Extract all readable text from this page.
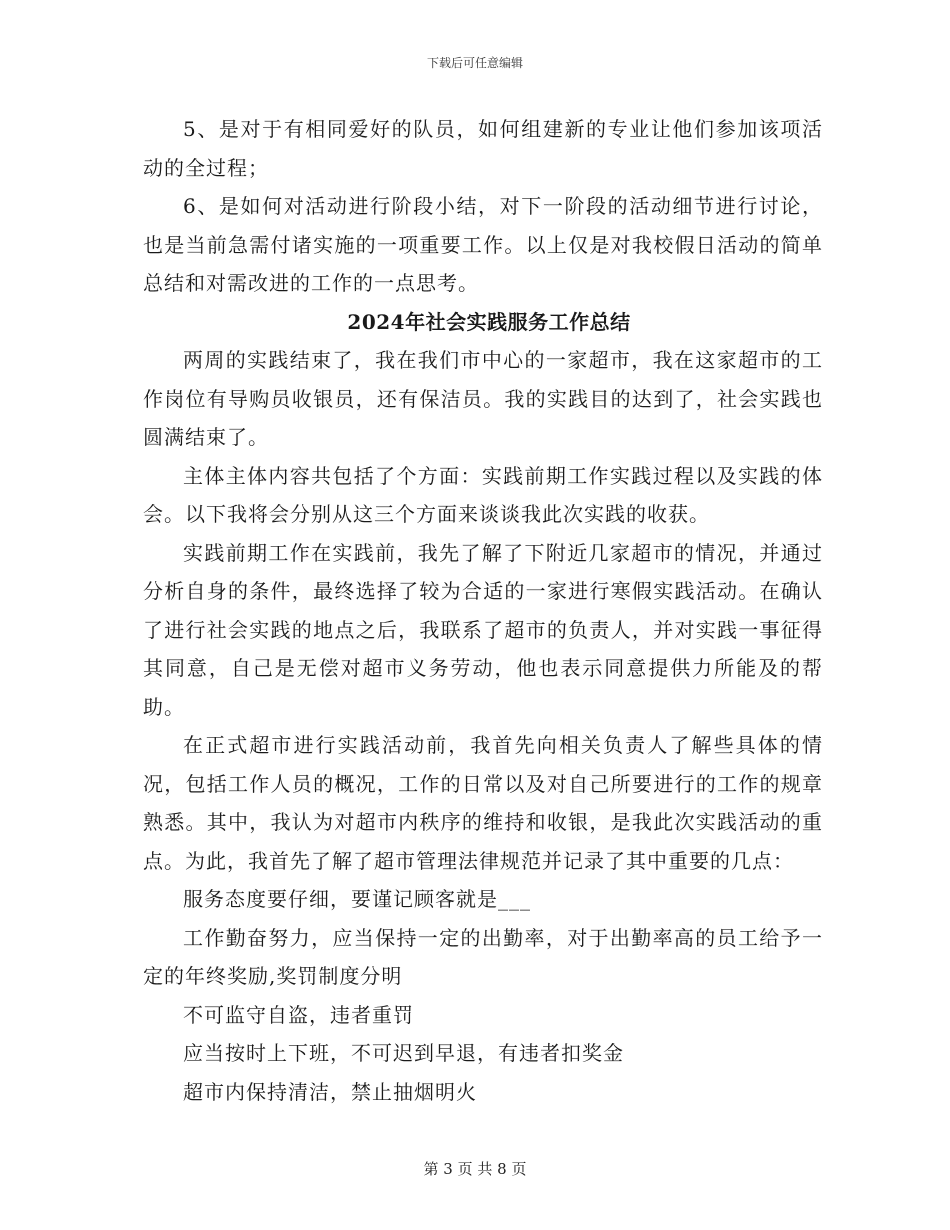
下载后可任意编辑

5、是对于有相同爱好的队员，如何组建新的专业让他们参加该项活动的全过程；

6、是如何对活动进行阶段小结，对下一阶段的活动细节进行讨论，也是当前急需付诸实施的一项重要工作。以上仅是对我校假日活动的简单总结和对需改进的工作的一点思考。

2024年社会实践服务工作总结

两周的实践结束了，我在我们市中心的一家超市，我在这家超市的工作岗位有导购员收银员，还有保洁员。我的实践目的达到了，社会实践也圆满结束了。

主体主体内容共包括了个方面：实践前期工作实践过程以及实践的体会。以下我将会分别从这三个方面来谈谈我此次实践的收获。

实践前期工作在实践前，我先了解了下附近几家超市的情况，并通过分析自身的条件，最终选择了较为合适的一家进行寒假实践活动。在确认了进行社会实践的地点之后，我联系了超市的负责人，并对实践一事征得其同意，自己是无偿对超市义务劳动，他也表示同意提供力所能及的帮助。

在正式超市进行实践活动前，我首先向相关负责人了解些具体的情况，包括工作人员的概况，工作的日常以及对自己所要进行的工作的规章熟悉。其中，我认为对超市内秩序的维持和收银，是我此次实践活动的重点。为此，我首先了解了超市管理法律规范并记录了其中重要的几点：

服务态度要仔细，要谨记顾客就是___

工作勤奋努力，应当保持一定的出勤率，对于出勤率高的员工给予一定的年终奖励,奖罚制度分明

不可监守自盗，违者重罚

应当按时上下班，不可迟到早退，有违者扣奖金

超市内保持清洁，禁止抽烟明火

第 3 页 共 8 页
